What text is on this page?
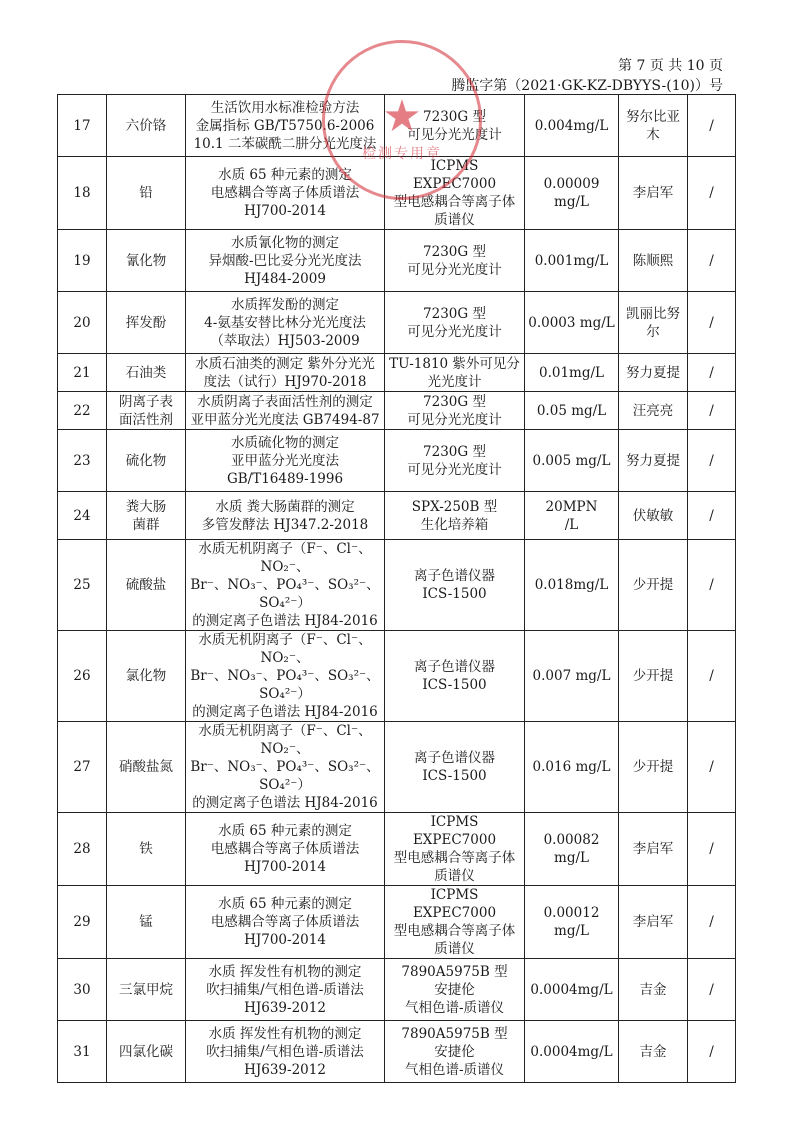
第 7 页 共 10 页
腾监字第（2021·GK-KZ-DBYYS-(10)）号
17	六价铬	生活饮用水标准检验方法
金属指标 GB/T5750.6-2006
10.1 二苯碳酰二肼分光光度法	7230G 型
可见分光光度计	0.004mg/L	努尔比亚
木	/
18	铅	水质 65 种元素的测定
电感耦合等离子体质谱法
HJ700-2014	ICPMS EXPEC7000
型电感耦合等离子体
质谱仪	0.00009
mg/L	李启军	/
19	氰化物	水质氰化物的测定
异烟酸-巴比妥分光光度法
HJ484-2009	7230G 型
可见分光光度计	0.001mg/L	陈顺熙	/
20	挥发酚	水质挥发酚的测定
4-氨基安替比林分光光度法
（萃取法）HJ503-2009	7230G 型
可见分光光度计	0.0003 mg/L	凯丽比努
尔	/
21	石油类	水质石油类的测定 紫外分光光
度法（试行）HJ970-2018	TU-1810 紫外可见分
光光度计	0.01mg/L	努力夏提	/
22	阴离子表
面活性剂	水质阴离子表面活性剂的测定
亚甲蓝分光光度法 GB7494-87	7230G 型
可见分光光度计	0.05 mg/L	汪亮亮	/
23	硫化物	水质硫化物的测定
亚甲蓝分光光度法
GB/T16489-1996	7230G 型
可见分光光度计	0.005 mg/L	努力夏提	/
24	粪大肠
菌群	水质 粪大肠菌群的测定
多管发酵法 HJ347.2-2018	SPX-250B 型
生化培养箱	20MPN
/L	伏敏敏	/
25	硫酸盐	水质无机阴离子（F⁻、Cl⁻、NO₂⁻、
Br⁻、NO₃⁻、PO₄³⁻、SO₃²⁻、SO₄²⁻）
的测定离子色谱法 HJ84-2016	离子色谱仪器
ICS-1500	0.018mg/L	少开提	/
26	氯化物	水质无机阴离子（F⁻、Cl⁻、NO₂⁻、
Br⁻、NO₃⁻、PO₄³⁻、SO₃²⁻、SO₄²⁻）
的测定离子色谱法 HJ84-2016	离子色谱仪器
ICS-1500	0.007 mg/L	少开提	/
27	硝酸盐氮	水质无机阴离子（F⁻、Cl⁻、NO₂⁻、
Br⁻、NO₃⁻、PO₄³⁻、SO₃²⁻、SO₄²⁻）
的测定离子色谱法 HJ84-2016	离子色谱仪器
ICS-1500	0.016 mg/L	少开提	/
28	铁	水质 65 种元素的测定
电感耦合等离子体质谱法
HJ700-2014	ICPMS EXPEC7000
型电感耦合等离子体
质谱仪	0.00082
mg/L	李启军	/
29	锰	水质 65 种元素的测定
电感耦合等离子体质谱法
HJ700-2014	ICPMS EXPEC7000
型电感耦合等离子体
质谱仪	0.00012
mg/L	李启军	/
30	三氯甲烷	水质 挥发性有机物的测定
吹扫捕集/气相色谱-质谱法
HJ639-2012	7890A5975B 型
安捷伦
气相色谱-质谱仪	0.0004mg/L	吉金	/
31	四氯化碳	水质 挥发性有机物的测定
吹扫捕集/气相色谱-质谱法
HJ639-2012	7890A5975B 型
安捷伦
气相色谱-质谱仪	0.0004mg/L	吉金	/
★
检测专用章
